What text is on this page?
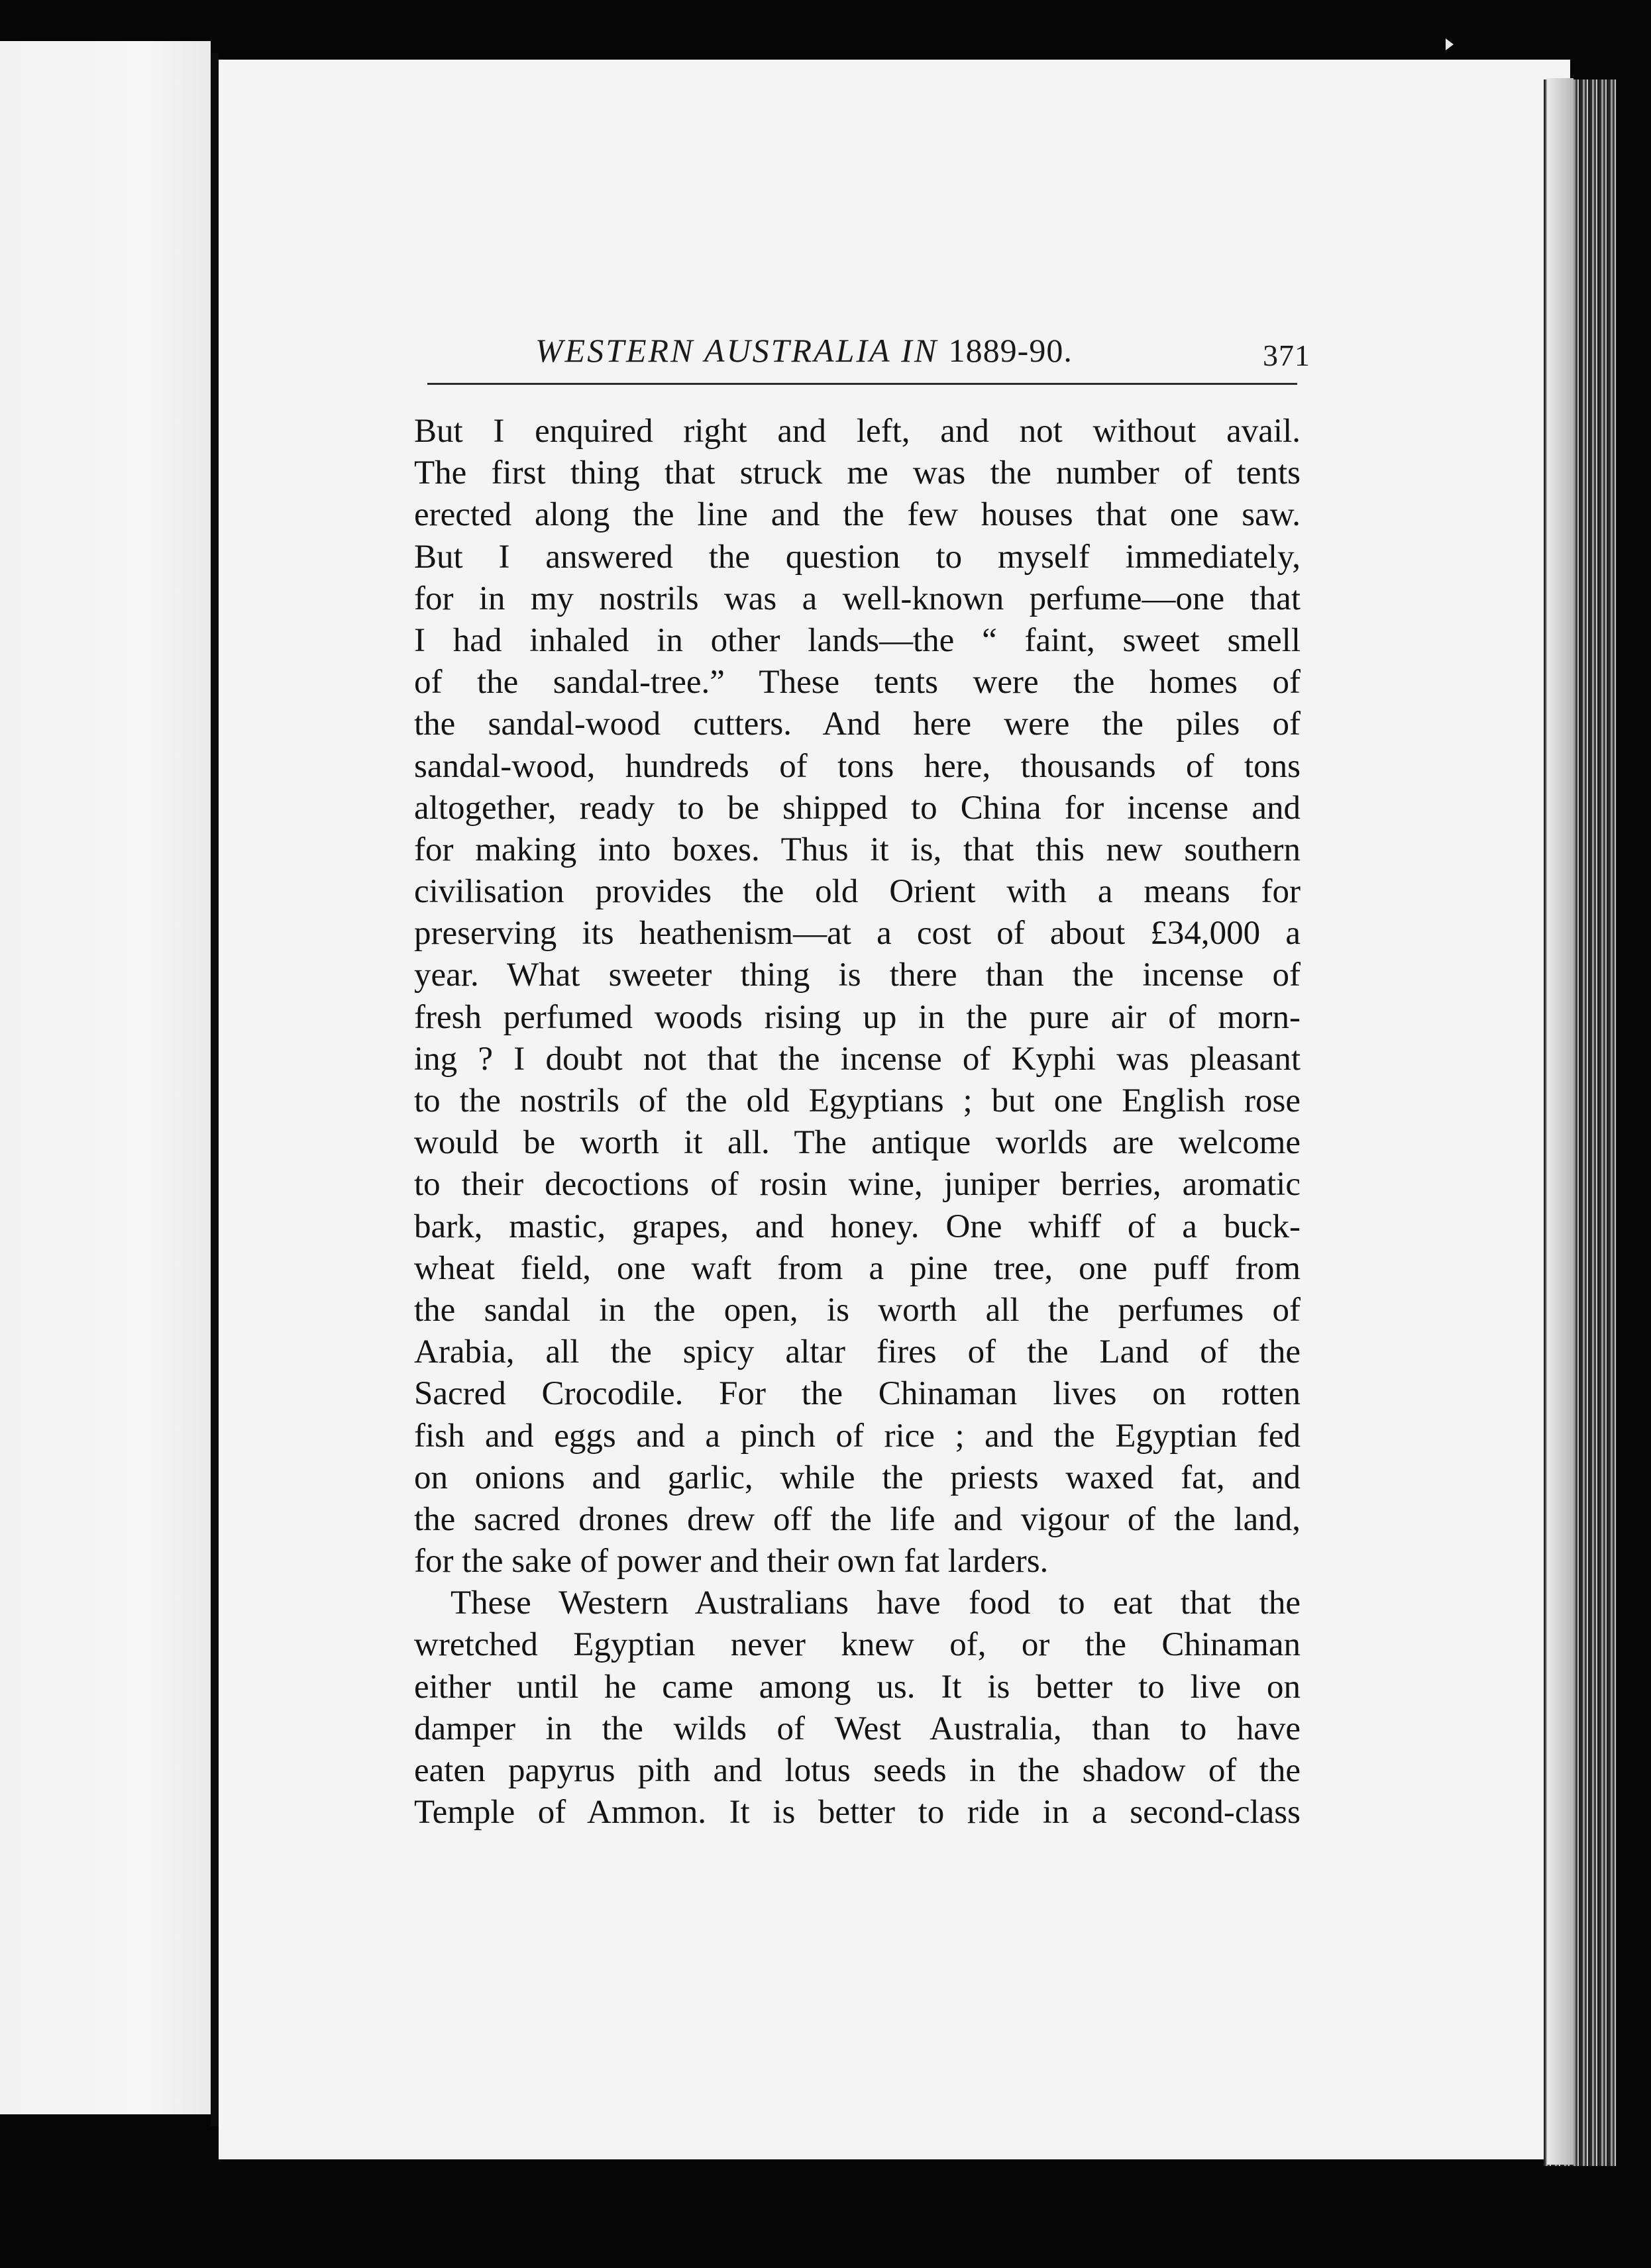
WESTERN AUSTRALIA IN 1889-90.	371
But I enquired right and left, and not without avail.
The first thing that struck me was the number of tents
erected along the line and the few houses that one saw.
But I answered the question to myself immediately,
for in my nostrils was a well-known perfume—one that
I had inhaled in other lands—the “ faint, sweet smell
of the sandal-tree.” These tents were the homes of
the sandal-wood cutters. And here were the piles of
sandal-wood, hundreds of tons here, thousands of tons
altogether, ready to be shipped to China for incense and
for making into boxes. Thus it is, that this new southern
civilisation provides the old Orient with a means for
preserving its heathenism—at a cost of about £34,000 a
year. What sweeter thing is there than the incense of
fresh perfumed woods rising up in the pure air of morn-
ing ? I doubt not that the incense of Kyphi was pleasant
to the nostrils of the old Egyptians ; but one English rose
would be worth it all. The antique worlds are welcome
to their decoctions of rosin wine, juniper berries, aromatic
bark, mastic, grapes, and honey. One whiff of a buck-
wheat field, one waft from a pine tree, one puff from
the sandal in the open, is worth all the perfumes of
Arabia, all the spicy altar fires of the Land of the
Sacred Crocodile. For the Chinaman lives on rotten
fish and eggs and a pinch of rice ; and the Egyptian fed
on onions and garlic, while the priests waxed fat, and
the sacred drones drew off the life and vigour of the land,
for the sake of power and their own fat larders.
These Western Australians have food to eat that the
wretched Egyptian never knew of, or the Chinaman
either until he came among us. It is better to live on
damper in the wilds of West Australia, than to have
eaten papyrus pith and lotus seeds in the shadow of the
Temple of Ammon. It is better to ride in a second-class
